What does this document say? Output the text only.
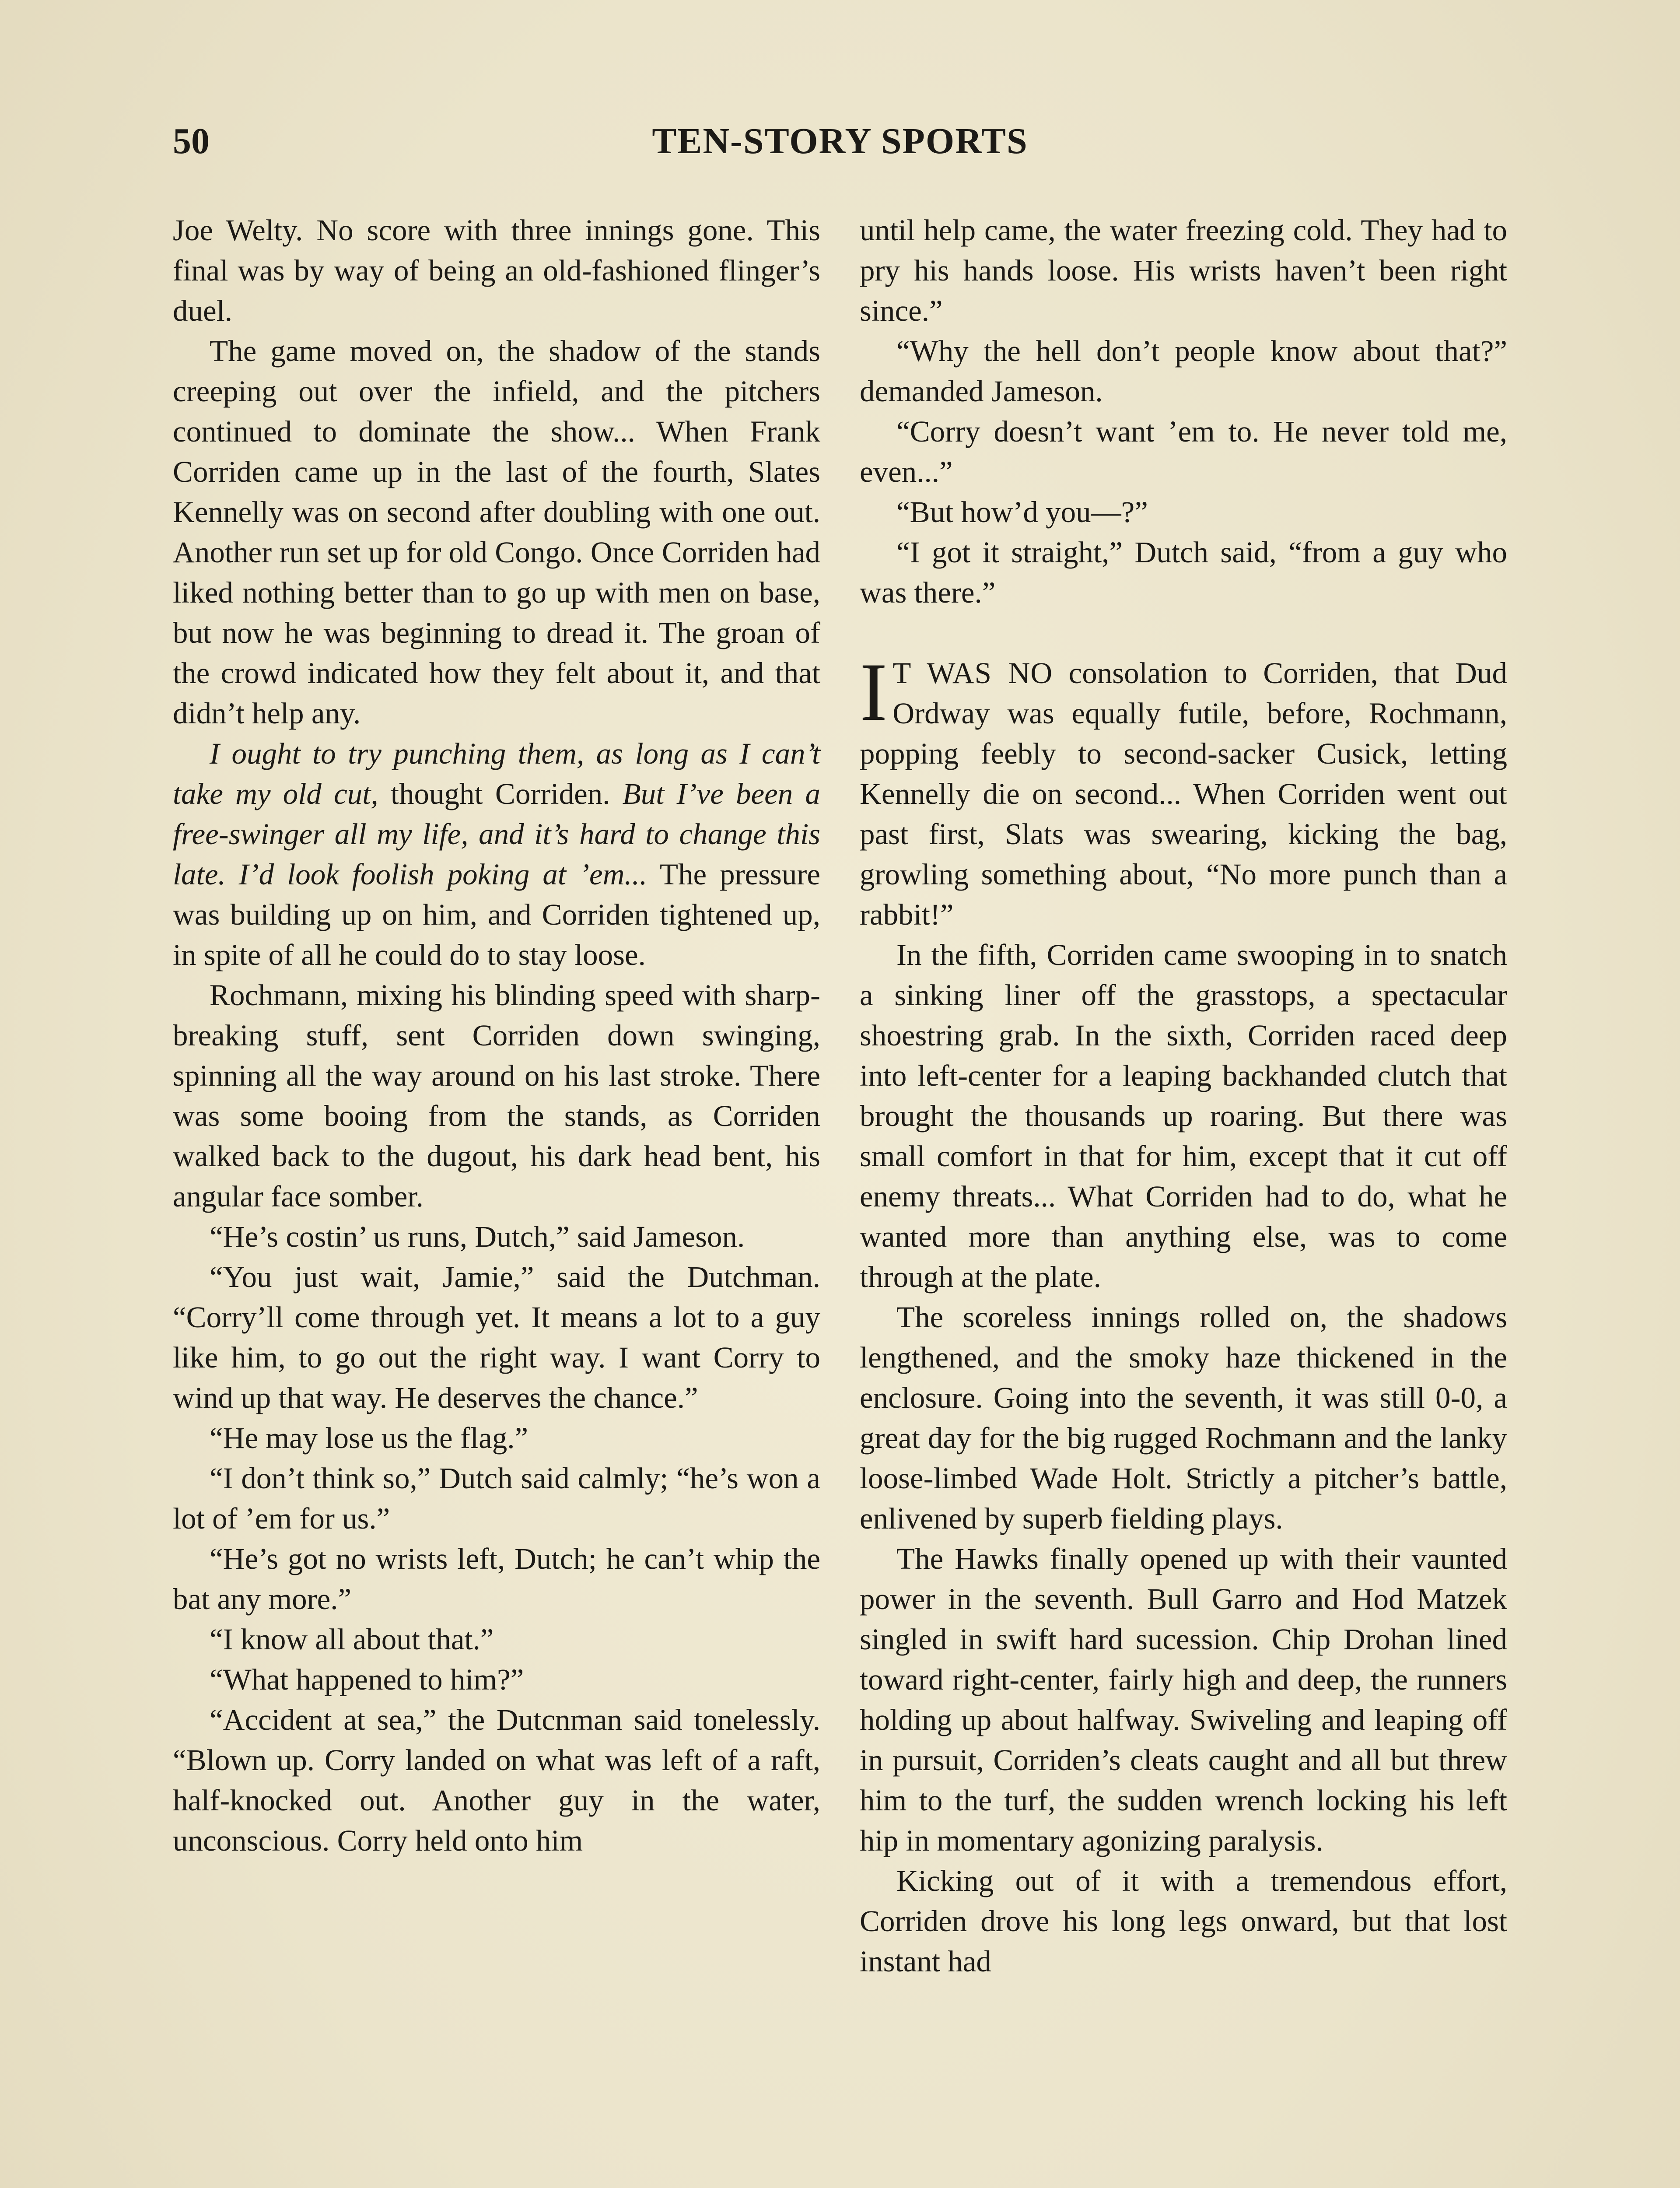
50	TEN-STORY SPORTS

Joe Welty. No score with three innings gone. This final was by way of being an old-fashioned flinger’s duel.

The game moved on, the shadow of the stands creeping out over the infield, and the pitchers continued to dominate the show... When Frank Corriden came up in the last of the fourth, Slates Kennelly was on second after doubling with one out. Another run set up for old Congo. Once Corriden had liked nothing better than to go up with men on base, but now he was beginning to dread it. The groan of the crowd indicated how they felt about it, and that didn’t help any.

I ought to try punching them, as long as I can’t take my old cut, thought Corriden. But I’ve been a free-swinger all my life, and it’s hard to change this late. I’d look foolish poking at ’em... The pressure was building up on him, and Corriden tightened up, in spite of all he could do to stay loose.

Rochmann, mixing his blinding speed with sharp-breaking stuff, sent Corriden down swinging, spinning all the way around on his last stroke. There was some booing from the stands, as Corriden walked back to the dugout, his dark head bent, his angular face somber.

“He’s costin’ us runs, Dutch,” said Jameson.

“You just wait, Jamie,” said the Dutchman. “Corry’ll come through yet. It means a lot to a guy like him, to go out the right way. I want Corry to wind up that way. He deserves the chance.”

“He may lose us the flag.”

“I don’t think so,” Dutch said calmly; “he’s won a lot of ’em for us.”

“He’s got no wrists left, Dutch; he can’t whip the bat any more.”

“I know all about that.”

“What happened to him?”

“Accident at sea,” the Dutcnman said tonelessly. “Blown up. Corry landed on what was left of a raft, half-knocked out. Another guy in the water, unconscious. Corry held onto him

until help came, the water freezing cold. They had to pry his hands loose. His wrists haven’t been right since.”

“Why the hell don’t people know about that?” demanded Jameson.

“Corry doesn’t want ’em to. He never told me, even...”

“But how’d you—?”

“I got it straight,” Dutch said, “from a guy who was there.”

I T WAS NO consolation to Corriden, that Dud Ordway was equally futile, before, Rochmann, popping feebly to second-sacker Cusick, letting Kennelly die on second... When Corriden went out past first, Slats was swearing, kicking the bag, growling something about, “No more punch than a rabbit!”

In the fifth, Corriden came swooping in to snatch a sinking liner off the grasstops, a spectacular shoestring grab. In the sixth, Corriden raced deep into left-center for a leaping backhanded clutch that brought the thousands up roaring. But there was small comfort in that for him, except that it cut off enemy threats... What Corriden had to do, what he wanted more than anything else, was to come through at the plate.

The scoreless innings rolled on, the shadows lengthened, and the smoky haze thickened in the enclosure. Going into the seventh, it was still 0-0, a great day for the big rugged Rochmann and the lanky loose-limbed Wade Holt. Strictly a pitcher’s battle, enlivened by superb fielding plays.

The Hawks finally opened up with their vaunted power in the seventh. Bull Garro and Hod Matzek singled in swift hard sucession. Chip Drohan lined toward right-center, fairly high and deep, the runners holding up about halfway. Swiveling and leaping off in pursuit, Corriden’s cleats caught and all but threw him to the turf, the sudden wrench locking his left hip in momentary agonizing paralysis.

Kicking out of it with a tremendous effort, Corriden drove his long legs onward, but that lost instant had
